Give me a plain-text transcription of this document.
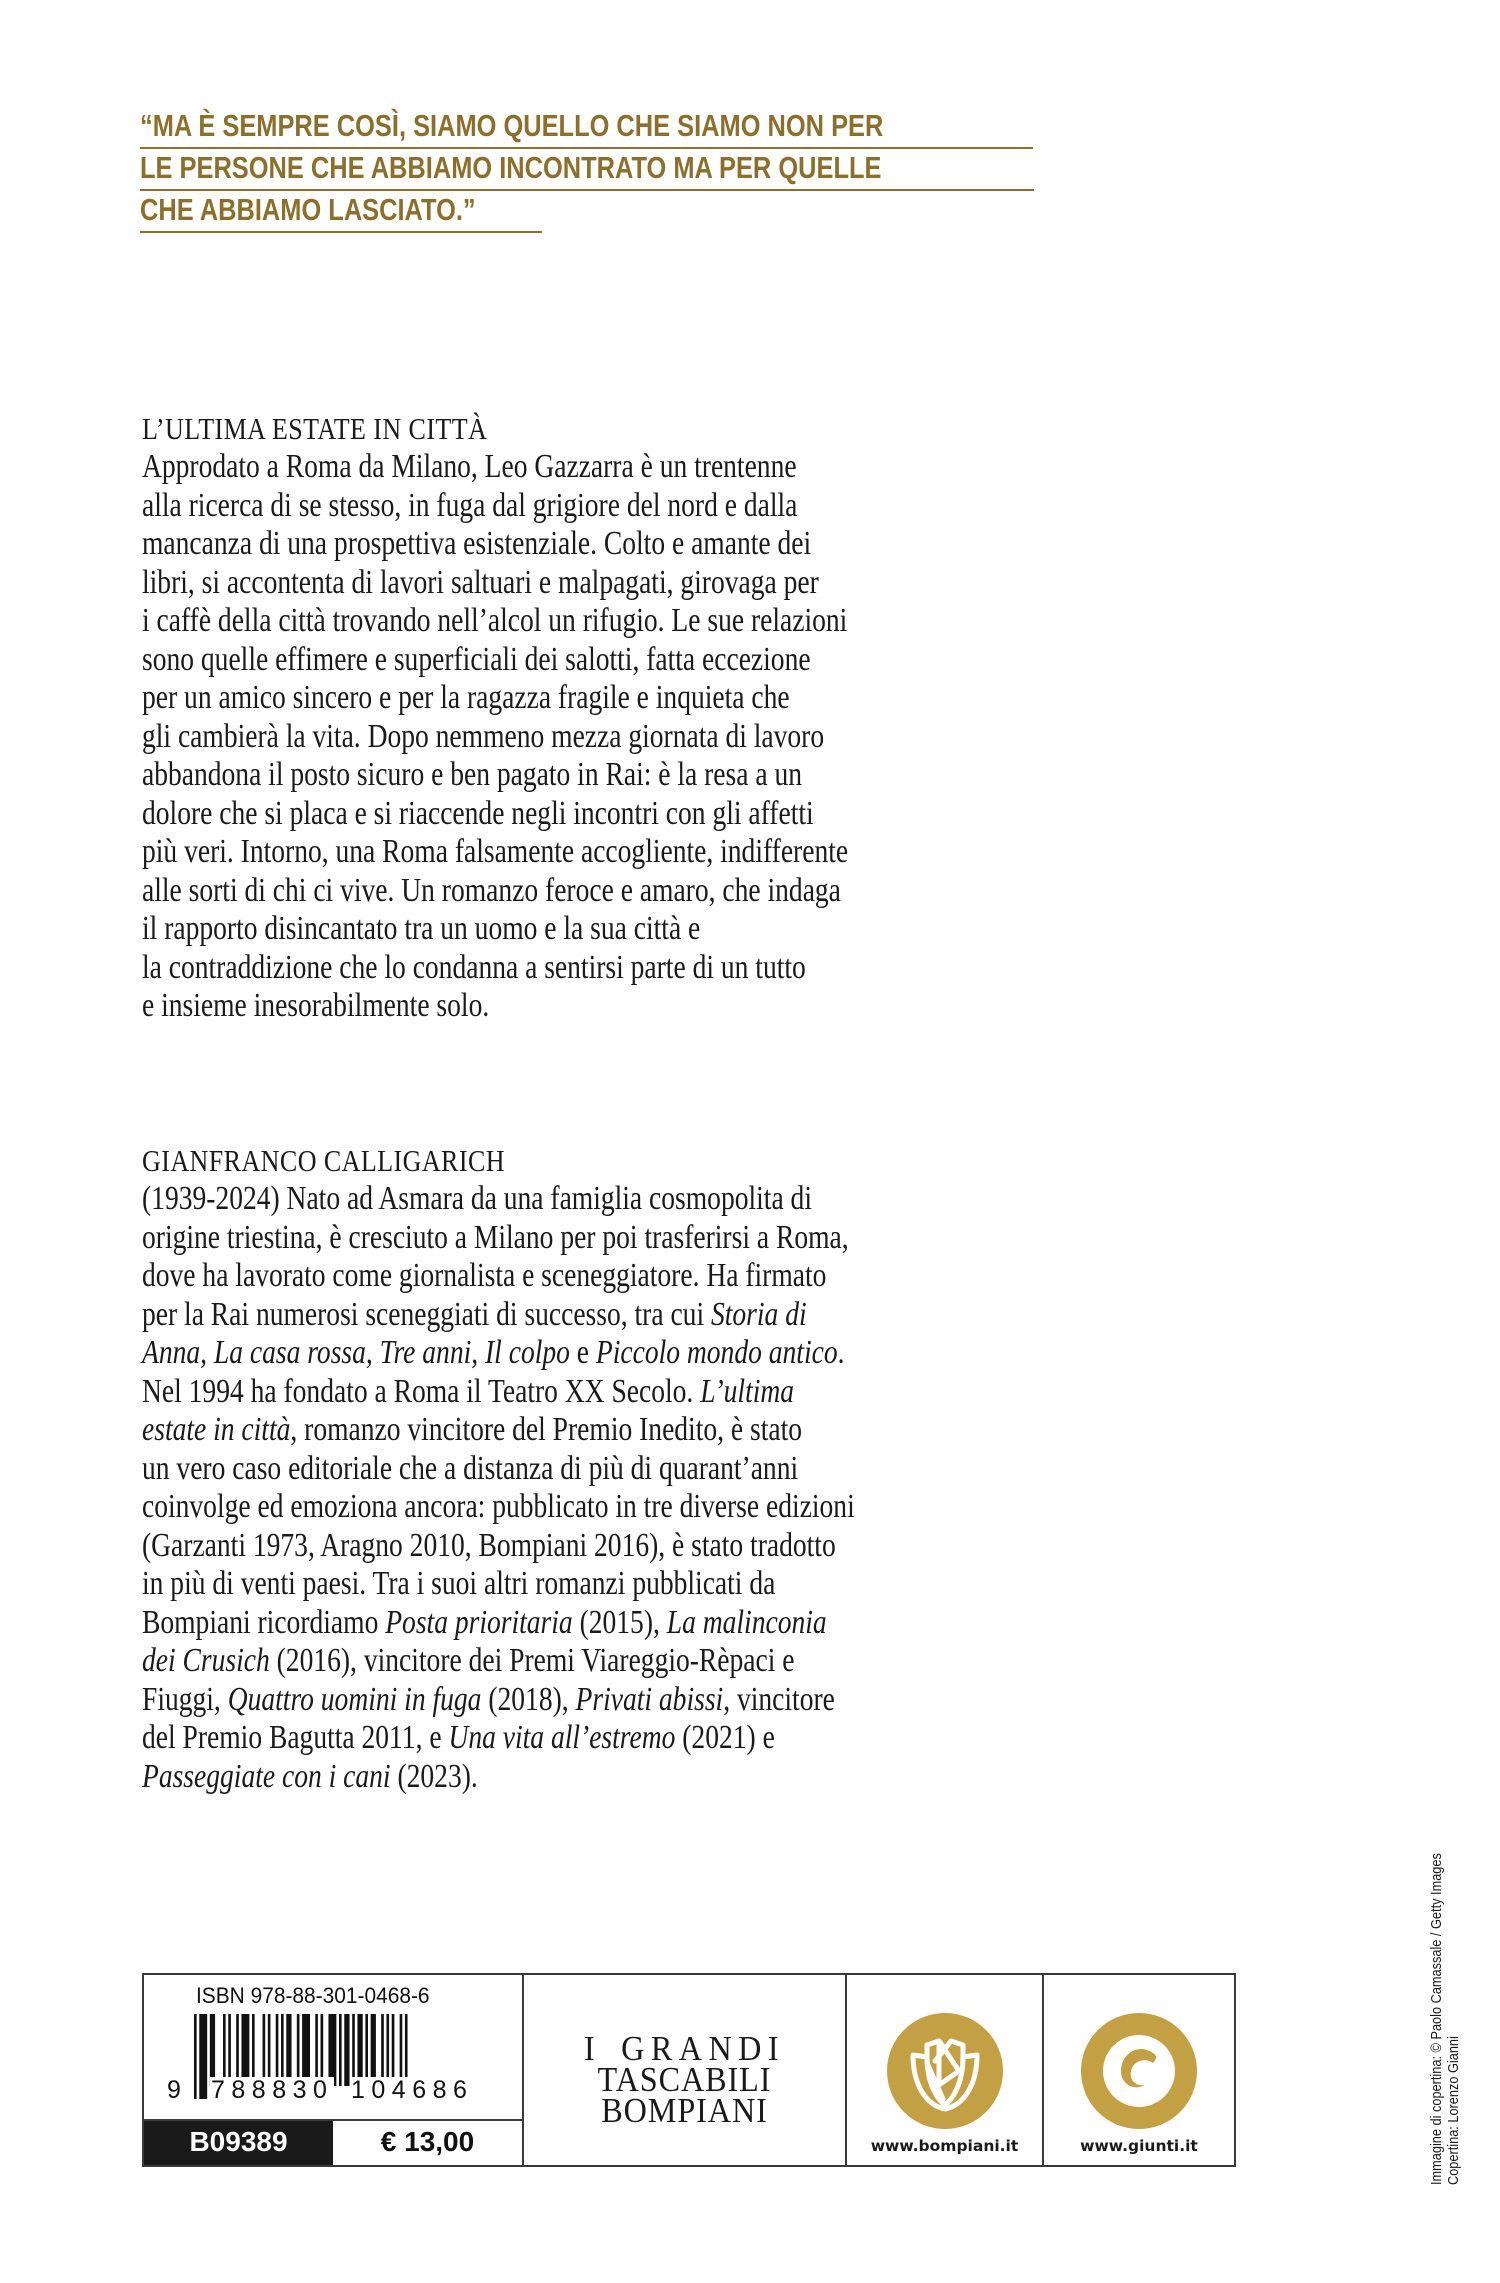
“MA È SEMPRE COSÌ, SIAMO QUELLO CHE SIAMO NON PER
LE PERSONE CHE ABBIAMO INCONTRATO MA PER QUELLE
CHE ABBIAMO LASCIATO.”
L’ULTIMA ESTATE IN CITTÀ
Approdato a Roma da Milano, Leo Gazzarra è un trentenne
alla ricerca di se stesso, in fuga dal grigiore del nord e dalla
mancanza di una prospettiva esistenziale. Colto e amante dei
libri, si accontenta di lavori saltuari e malpagati, girovaga per
i caffè della città trovando nell’alcol un rifugio. Le sue relazioni
sono quelle effimere e superficiali dei salotti, fatta eccezione
per un amico sincero e per la ragazza fragile e inquieta che
gli cambierà la vita. Dopo nemmeno mezza giornata di lavoro
abbandona il posto sicuro e ben pagato in Rai: è la resa a un
dolore che si placa e si riaccende negli incontri con gli affetti
più veri. Intorno, una Roma falsamente accogliente, indifferente
alle sorti di chi ci vive. Un romanzo feroce e amaro, che indaga
il rapporto disincantato tra un uomo e la sua città e
la contraddizione che lo condanna a sentirsi parte di un tutto
e insieme inesorabilmente solo.
GIANFRANCO CALLIGARICH
(1939-2024) Nato ad Asmara da una famiglia cosmopolita di
origine triestina, è cresciuto a Milano per poi trasferirsi a Roma,
dove ha lavorato come giornalista e sceneggiatore. Ha firmato
per la Rai numerosi sceneggiati di successo, tra cui Storia di
Anna, La casa rossa, Tre anni, Il colpo e Piccolo mondo antico.
Nel 1994 ha fondato a Roma il Teatro XX Secolo. L’ultima
estate in città, romanzo vincitore del Premio Inedito, è stato
un vero caso editoriale che a distanza di più di quarant’anni
coinvolge ed emoziona ancora: pubblicato in tre diverse edizioni
(Garzanti 1973, Aragno 2010, Bompiani 2016), è stato tradotto
in più di venti paesi. Tra i suoi altri romanzi pubblicati da
Bompiani ricordiamo Posta prioritaria (2015), La malinconia
dei Crusich (2016), vincitore dei Premi Viareggio-Rèpaci e
Fiuggi, Quattro uomini in fuga (2018), Privati abissi, vincitore
del Premio Bagutta 2011, e Una vita all’estremo (2021) e
Passeggiate con i cani (2023).
ISBN 978-88-301-0468-6
9 788830 104686
B09389	€ 13,00
I GRANDI
TASCABILI
BOMPIANI
www.bompiani.it	www.giunti.it	Immagine di copertina: © Paolo Camassale / Getty Images Copertina: Lorenzo Gianni
